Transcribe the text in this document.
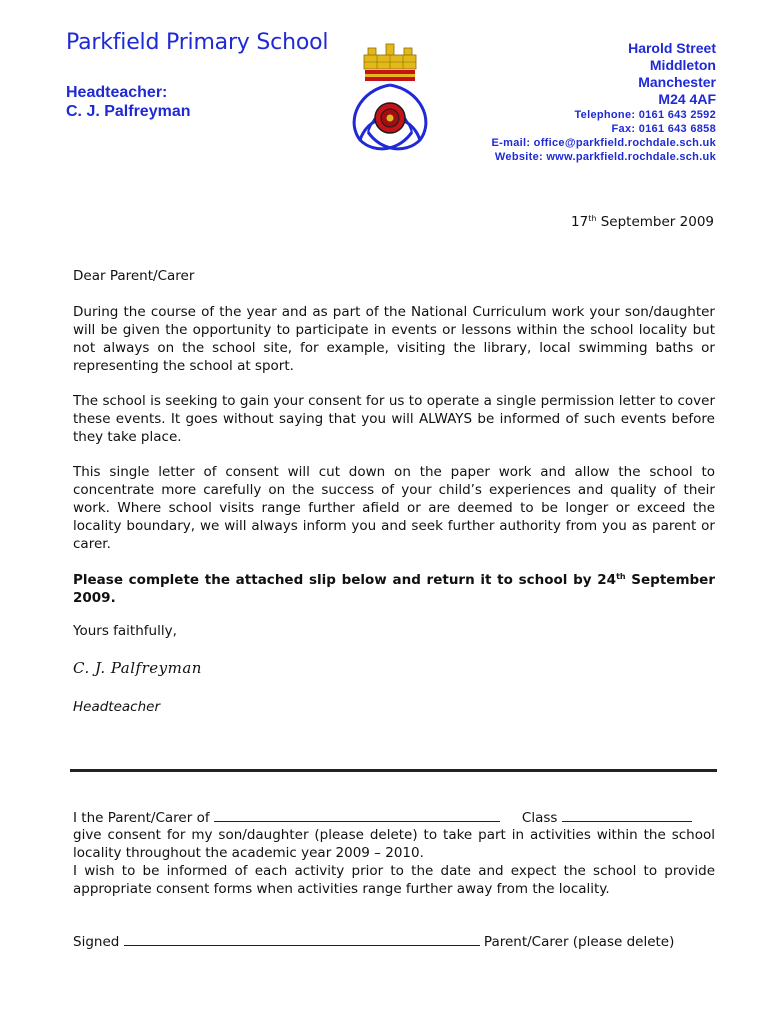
Parkfield Primary School
Headteacher:
C. J. Palfreyman
Harold Street
Middleton
Manchester
M24 4AF
Telephone: 0161 643 2592
Fax: 0161 643 6858
E-mail: office@parkfield.rochdale.sch.uk
Website: www.parkfield.rochdale.sch.uk
17th September 2009

Dear Parent/Carer

During the course of the year and as part of the National Curriculum work your son/daughter will be given the opportunity to participate in events or lessons within the school locality but not always on the school site, for example, visiting the library, local swimming baths or representing the school at sport.

The school is seeking to gain your consent for us to operate a single permission letter to cover these events. It goes without saying that you will ALWAYS be informed of such events before they take place.

This single letter of consent will cut down on the paper work and allow the school to concentrate more carefully on the success of your child’s experiences and quality of their work. Where school visits range further afield or are deemed to be longer or exceed the locality boundary, we will always inform you and seek further authority from you as parent or carer.

Please complete the attached slip below and return it to school by 24th September 2009.

Yours faithfully,

C. J. Palfreyman

Headteacher

I the Parent/Carer of	Class

give consent for my son/daughter (please delete) to take part in activities within the school locality throughout the academic year 2009 – 2010.

I wish to be informed of each activity prior to the date and expect the school to provide appropriate consent forms when activities range further away from the locality.

Signed	Parent/Carer (please delete)
